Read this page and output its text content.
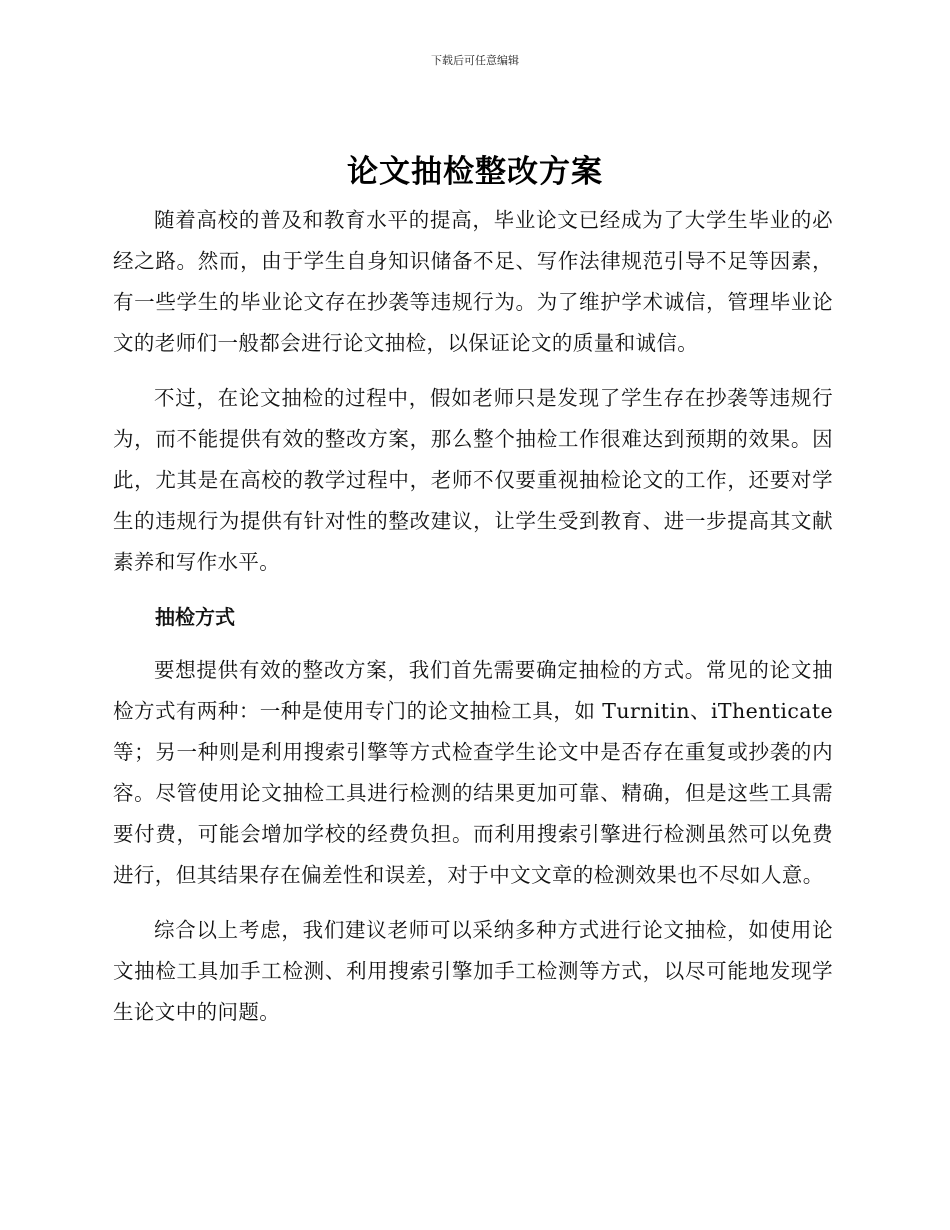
下载后可任意编辑
论文抽检整改方案

随着高校的普及和教育水平的提高，毕业论文已经成为了大学生毕业的必经之路。然而，由于学生自身知识储备不足、写作法律规范引导不足等因素，有一些学生的毕业论文存在抄袭等违规行为。为了维护学术诚信，管理毕业论文的老师们一般都会进行论文抽检，以保证论文的质量和诚信。

不过，在论文抽检的过程中，假如老师只是发现了学生存在抄袭等违规行为，而不能提供有效的整改方案，那么整个抽检工作很难达到预期的效果。因此，尤其是在高校的教学过程中，老师不仅要重视抽检论文的工作，还要对学生的违规行为提供有针对性的整改建议，让学生受到教育、进一步提高其文献素养和写作水平。

抽检方式

要想提供有效的整改方案，我们首先需要确定抽检的方式。常见的论文抽检方式有两种：一种是使用专门的论文抽检工具，如 Turnitin、iThenticate 等；另一种则是利用搜索引擎等方式检查学生论文中是否存在重复或抄袭的内容。尽管使用论文抽检工具进行检测的结果更加可靠、精确，但是这些工具需要付费，可能会增加学校的经费负担。而利用搜索引擎进行检测虽然可以免费进行，但其结果存在偏差性和误差，对于中文文章的检测效果也不尽如人意。

综合以上考虑，我们建议老师可以采纳多种方式进行论文抽检，如使用论文抽检工具加手工检测、利用搜索引擎加手工检测等方式，以尽可能地发现学生论文中的问题。
